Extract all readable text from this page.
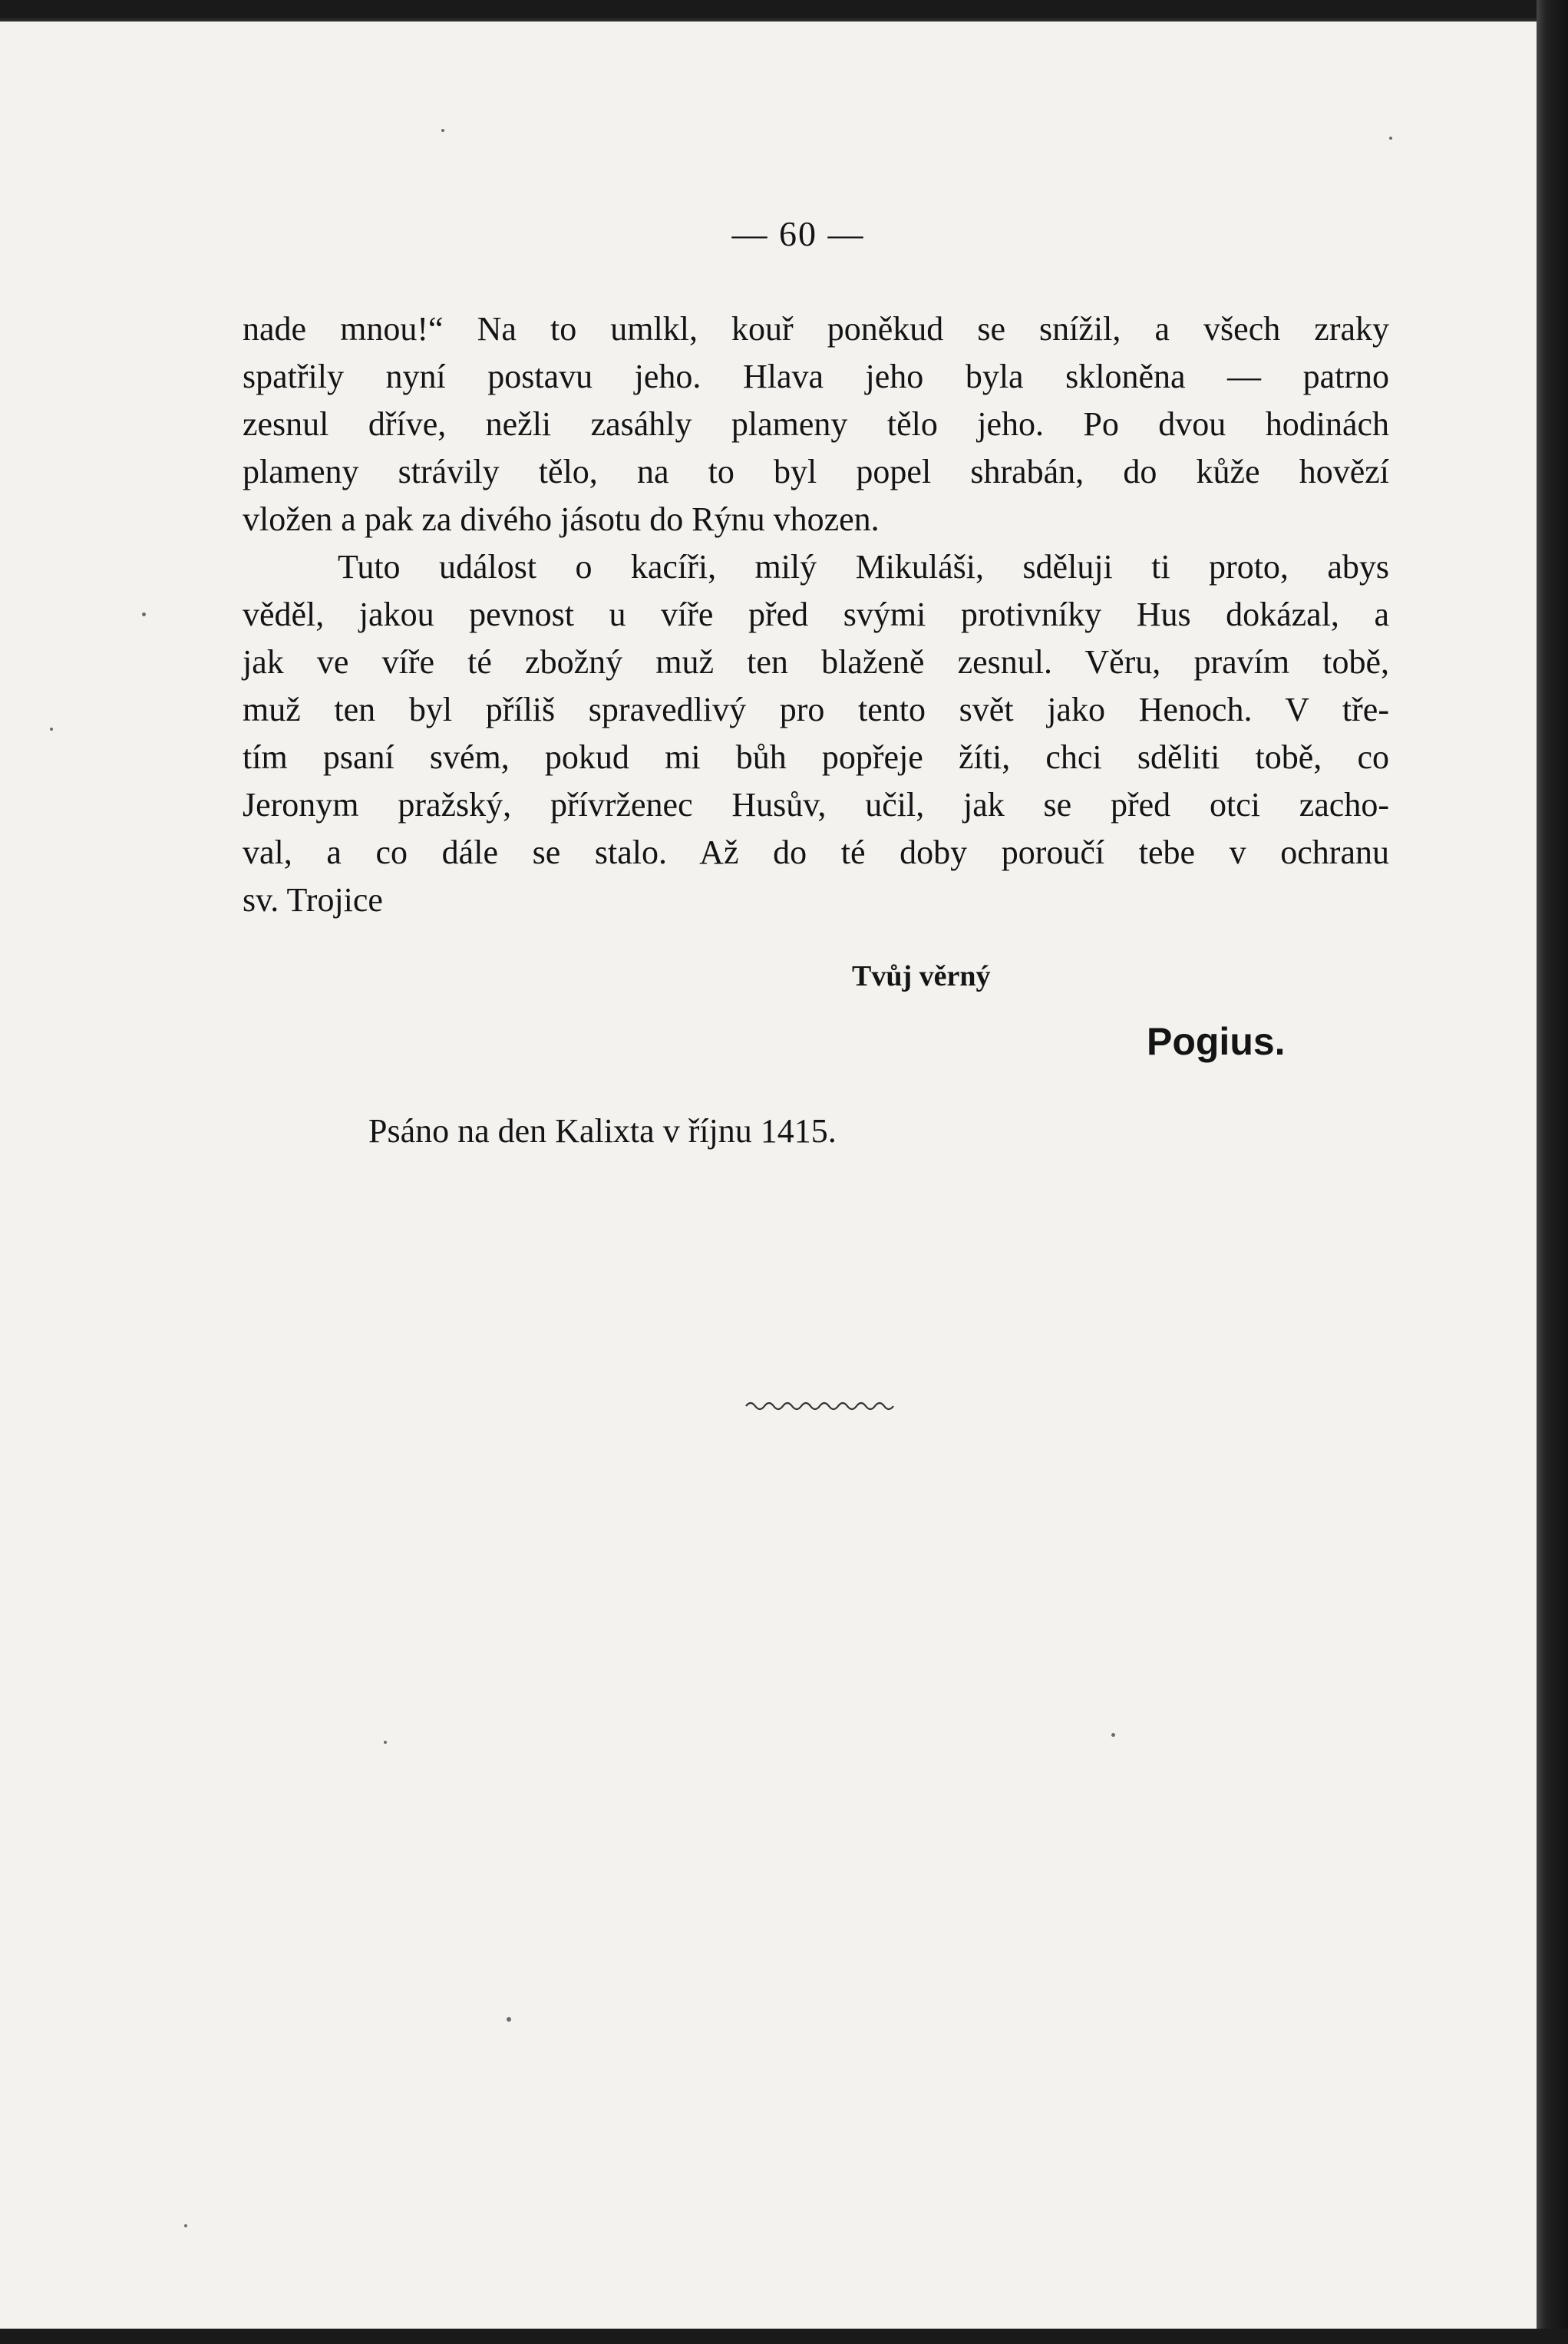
— 60 —
nade mnou!“ Na to umlkl, kouř poněkud se snížil, a všech zraky
spatřily nyní postavu jeho. Hlava jeho byla skloněna — patrno
zesnul dříve, nežli zasáhly plameny tělo jeho. Po dvou hodinách
plameny strávily tělo, na to byl popel shrabán, do kůže hovězí
vložen a pak za divého jásotu do Rýnu vhozen.
Tuto událost o kacíři, milý Mikuláši, sděluji ti proto, abys
věděl, jakou pevnost u víře před svými protivníky Hus dokázal, a
jak ve víře té zbožný muž ten blaženě zesnul. Věru, pravím tobě,
muž ten byl příliš spravedlivý pro tento svět jako Henoch. V tře-
tím psaní svém, pokud mi bůh popřeje žíti, chci sděliti tobě, co
Jeronym pražský, přívrženec Husův, učil, jak se před otci zacho-
val, a co dále se stalo. Až do té doby poroučí tebe v ochranu
sv. Trojice
Tvůj věrný
Pogius.
Psáno na den Kalixta v říjnu 1415.
